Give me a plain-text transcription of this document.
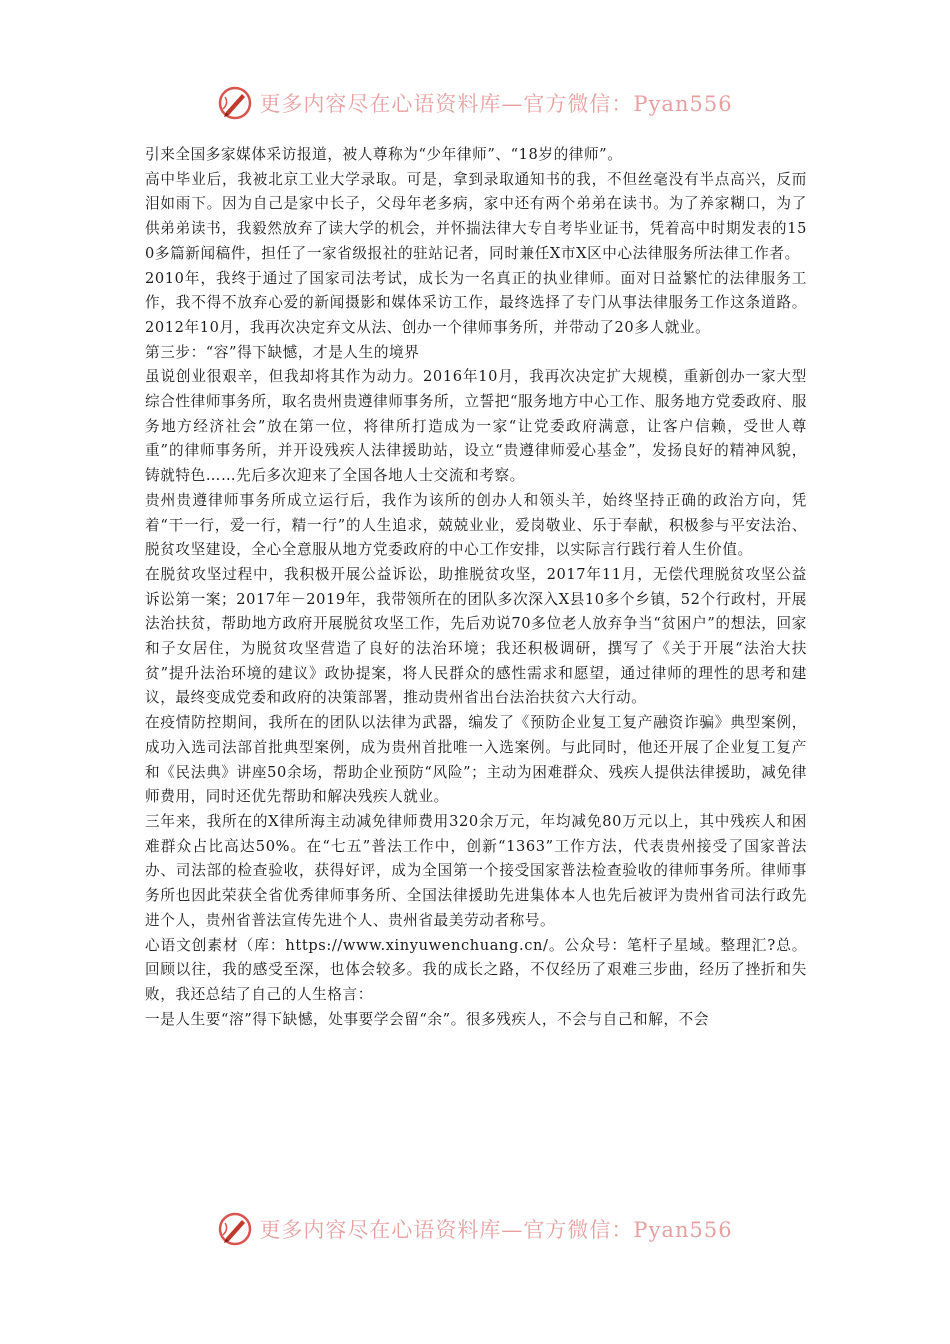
更多内容尽在心语资料库—官方微信：Pyan556

引来全国多家媒体采访报道，被人尊称为“少年律师”、“18岁的律师”。

高中毕业后，我被北京工业大学录取。可是，拿到录取通知书的我，不但丝毫没有半点高兴，反而泪如雨下。因为自己是家中长子，父母年老多病，家中还有两个弟弟在读书。为了养家糊口，为了供弟弟读书，我毅然放弃了读大学的机会，并怀揣法律大专自考毕业证书，凭着高中时期发表的150多篇新闻稿件，担任了一家省级报社的驻站记者，同时兼任X市X区中心法律服务所法律工作者。

2010年，我终于通过了国家司法考试，成长为一名真正的执业律师。面对日益繁忙的法律服务工作，我不得不放弃心爱的新闻摄影和媒体采访工作，最终选择了专门从事法律服务工作这条道路。2012年10月，我再次决定弃文从法、创办一个律师事务所，并带动了20多人就业。

第三步：“容”得下缺憾，才是人生的境界

虽说创业很艰辛，但我却将其作为动力。2016年10月，我再次决定扩大规模，重新创办一家大型综合性律师事务所，取名贵州贵遵律师事务所，立誓把“服务地方中心工作、服务地方党委政府、服务地方经济社会”放在第一位，将律所打造成为一家“让党委政府满意，让客户信赖，受世人尊重”的律师事务所，并开设残疾人法律援助站，设立“贵遵律师爱心基金”，发扬良好的精神风貌，铸就特色……先后多次迎来了全国各地人士交流和考察。

贵州贵遵律师事务所成立运行后，我作为该所的创办人和领头羊，始终坚持正确的政治方向，凭着“干一行，爱一行，精一行”的人生追求，兢兢业业，爱岗敬业、乐于奉献，积极参与平安法治、脱贫攻坚建设，全心全意服从地方党委政府的中心工作安排，以实际言行践行着人生价值。

在脱贫攻坚过程中，我积极开展公益诉讼，助推脱贫攻坚，2017年11月，无偿代理脱贫攻坚公益诉讼第一案；2017年－2019年，我带领所在的团队多次深入X县10多个乡镇，52个行政村，开展法治扶贫，帮助地方政府开展脱贫攻坚工作，先后劝说70多位老人放弃争当“贫困户”的想法，回家和子女居住，为脱贫攻坚营造了良好的法治环境；我还积极调研，撰写了《关于开展“法治大扶贫”提升法治环境的建议》政协提案，将人民群众的感性需求和愿望，通过律师的理性的思考和建议，最终变成党委和政府的决策部署，推动贵州省出台法治扶贫六大行动。

在疫情防控期间，我所在的团队以法律为武器，编发了《预防企业复工复产融资诈骗》典型案例，成功入选司法部首批典型案例，成为贵州首批唯一入选案例。与此同时，他还开展了企业复工复产和《民法典》讲座50余场，帮助企业预防“风险”；主动为困难群众、残疾人提供法律援助，减免律师费用，同时还优先帮助和解决残疾人就业。

三年来，我所在的X律所海主动减免律师费用320余万元，年均减免80万元以上，其中残疾人和困难群众占比高达50%。在“七五”普法工作中，创新“1363”工作方法，代表贵州接受了国家普法办、司法部的检查验收，获得好评，成为全国第一个接受国家普法检查验收的律师事务所。律师事务所也因此荣获全省优秀律师事务所、全国法律援助先进集体本人也先后被评为贵州省司法行政先进个人，贵州省普法宣传先进个人、贵州省最美劳动者称号。

心语文创素材（库：https://www.xinyuwenchuang.cn/。公众号：笔杆子星域。整理汇?总。回顾以往，我的感受至深，也体会较多。我的成长之路，不仅经历了艰难三步曲，经历了挫折和失败，我还总结了自己的人生格言：

一是人生要“溶”得下缺憾，处事要学会留“余”。很多残疾人，不会与自己和解，不会

更多内容尽在心语资料库—官方微信：Pyan556
